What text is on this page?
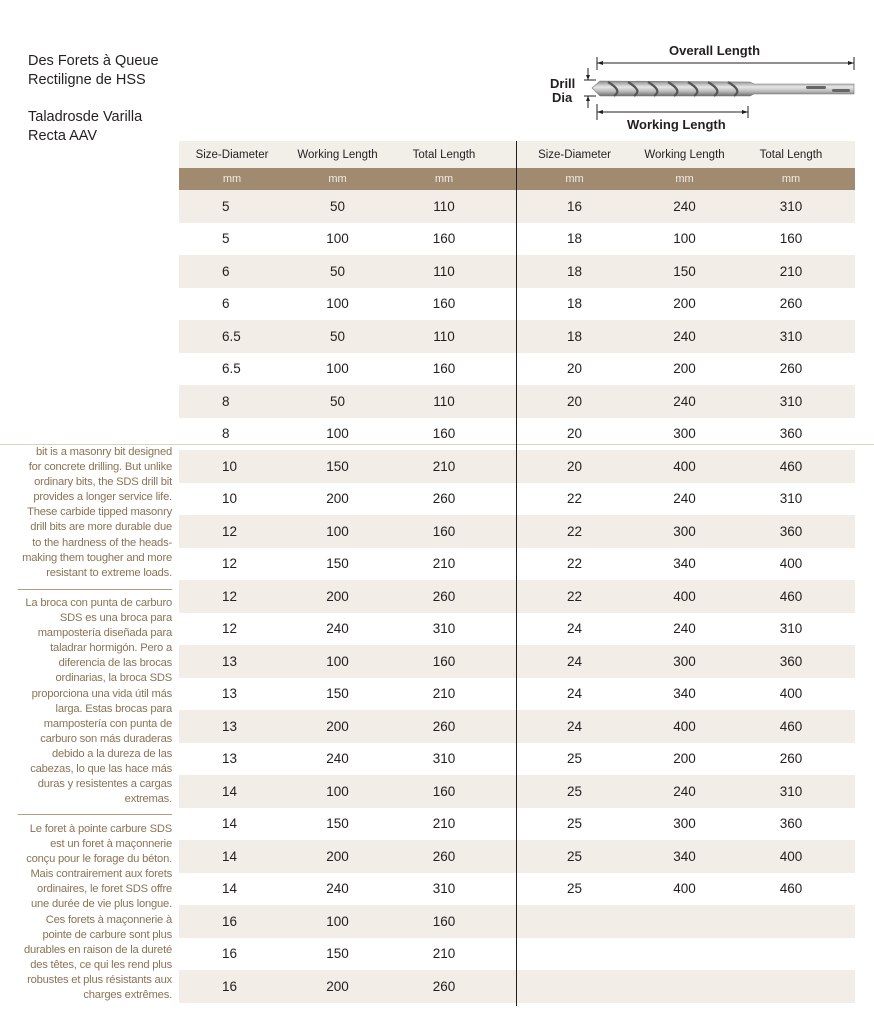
Des Forets à Queue
Rectiligne de HSS
Taladrosde Varilla
Recta AAV
Overall Length
Working Length
Drill
Dia
Size-Diameter	Working Length	Total Length
mm	mm	mm
5	50	110
5	100	160
6	50	110
6	100	160
6.5	50	110
6.5	100	160
8	50	110
8	100	160
10	150	210
10	200	260
12	100	160
12	150	210
12	200	260
12	240	310
13	100	160
13	150	210
13	200	260
13	240	310
14	100	160
14	150	210
14	200	260
14	240	310
16	100	160
16	150	210
16	200	260
Size-Diameter	Working Length	Total Length
mm	mm	mm
16	240	310
18	100	160
18	150	210
18	200	260
18	240	310
20	200	260
20	240	310
20	300	360
20	400	460
22	240	310
22	300	360
22	340	400
22	400	460
24	240	310
24	300	360
24	340	400
24	400	460
25	200	260
25	240	310
25	300	360
25	340	400
25	400	460

bit is a masonry bit designed
for concrete drilling. But unlike
ordinary bits, the SDS drill bit
provides a longer service life.
These carbide tipped masonry
drill bits are more durable due
to the hardness of the heads-
making them tougher and more
resistant to extreme loads.

La broca con punta de carburo
SDS es una broca para
mampostería diseñada para
taladrar hormigón. Pero a
diferencia de las brocas
ordinarias, la broca SDS
proporciona una vida útil más
larga. Estas brocas para
mampostería con punta de
carburo son más duraderas
debido a la dureza de las
cabezas, lo que las hace más
duras y resistentes a cargas
extremas.

Le foret à pointe carbure SDS
est un foret à maçonnerie
conçu pour le forage du béton.
Mais contrairement aux forets
ordinaires, le foret SDS offre
une durée de vie plus longue.
Ces forets à maçonnerie à
pointe de carbure sont plus
durables en raison de la dureté
des têtes, ce qui les rend plus
robustes et plus résistants aux
charges extrêmes.
